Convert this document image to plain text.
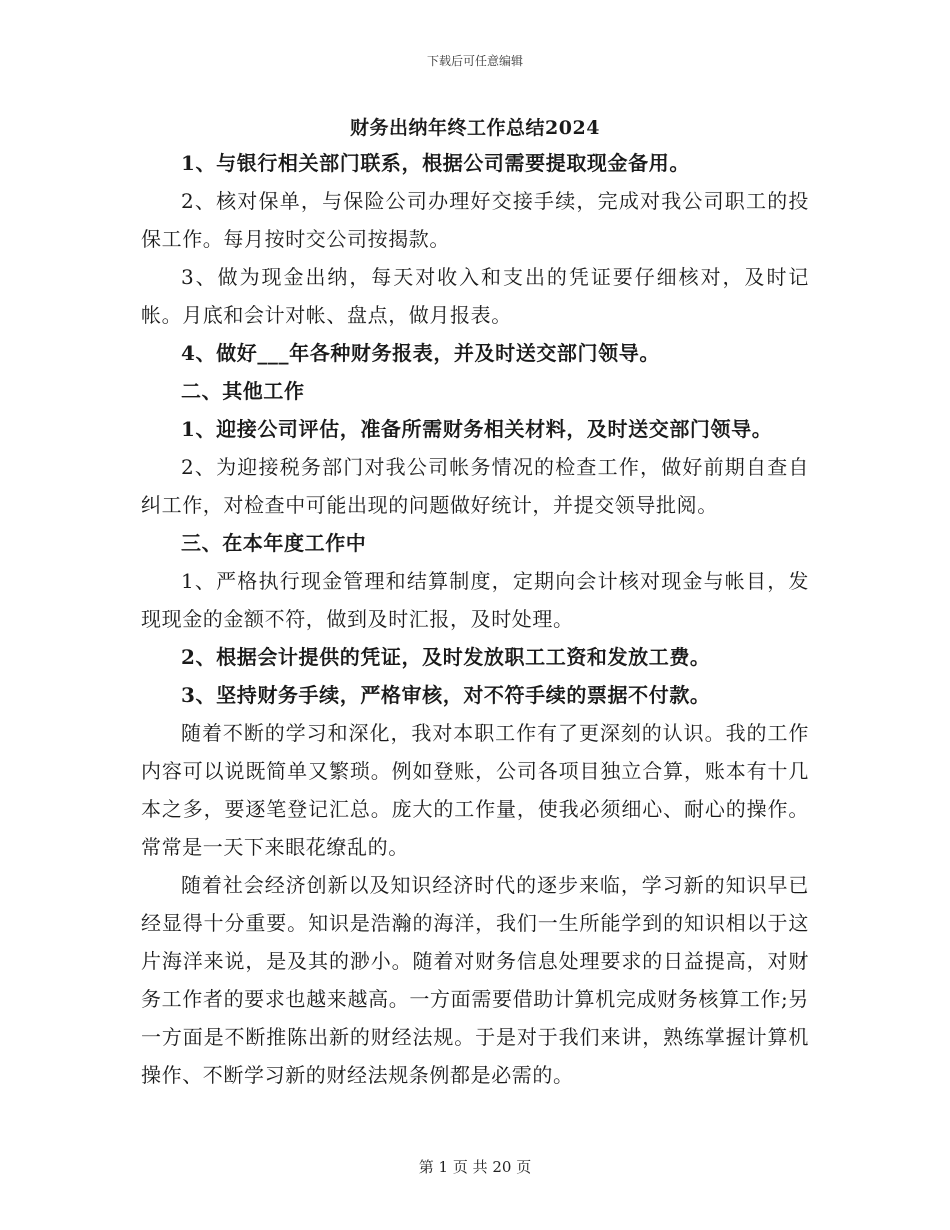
下载后可任意编辑
财务出纳年终工作总结2024

1、与银行相关部门联系，根据公司需要提取现金备用。

2、核对保单，与保险公司办理好交接手续，完成对我公司职工的投保工作。每月按时交公司按揭款。

3、做为现金出纳，每天对收入和支出的凭证要仔细核对，及时记帐。月底和会计对帐、盘点，做月报表。

4、做好___年各种财务报表，并及时送交部门领导。

二、其他工作

1、迎接公司评估，准备所需财务相关材料，及时送交部门领导。

2、为迎接税务部门对我公司帐务情况的检查工作，做好前期自查自纠工作，对检查中可能出现的问题做好统计，并提交领导批阅。

三、在本年度工作中

1、严格执行现金管理和结算制度，定期向会计核对现金与帐目，发现现金的金额不符，做到及时汇报，及时处理。

2、根据会计提供的凭证，及时发放职工工资和发放工费。

3、坚持财务手续，严格审核，对不符手续的票据不付款。

随着不断的学习和深化，我对本职工作有了更深刻的认识。我的工作内容可以说既简单又繁琐。例如登账，公司各项目独立合算，账本有十几本之多，要逐笔登记汇总。庞大的工作量，使我必须细心、耐心的操作。常常是一天下来眼花缭乱的。

随着社会经济创新以及知识经济时代的逐步来临，学习新的知识早已经显得十分重要。知识是浩瀚的海洋，我们一生所能学到的知识相以于这片海洋来说，是及其的渺小。随着对财务信息处理要求的日益提高，对财务工作者的要求也越来越高。一方面需要借助计算机完成财务核算工作;另一方面是不断推陈出新的财经法规。于是对于我们来讲，熟练掌握计算机操作、不断学习新的财经法规条例都是必需的。

第 1 页 共 20 页
